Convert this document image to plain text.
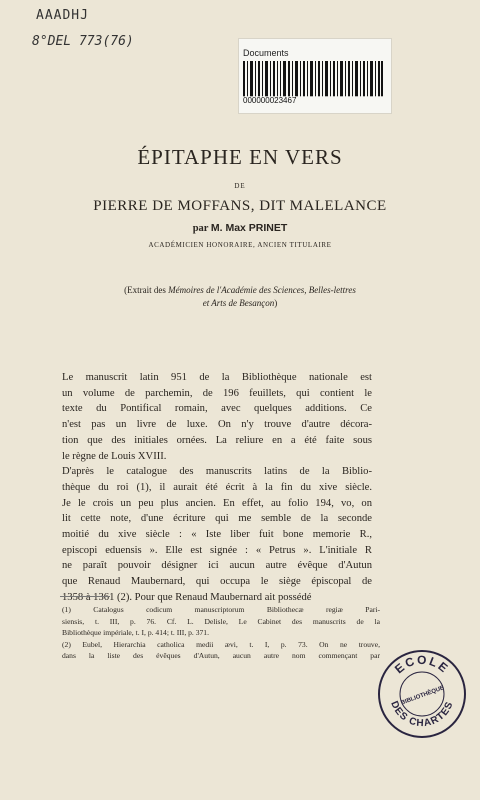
AAADHJ
8°DEL 773(76)
Documents
000000023467
ÉPITAPHE EN VERS
DE
PIERRE DE MOFFANS, DIT MALELANCE
par M. Max PRINET
ACADÉMICIEN HONORAIRE, ANCIEN TITULAIRE
(Extrait des Mémoires de l'Académie des Sciences, Belles-lettres
et Arts de Besançon)
Le manuscrit latin 951 de la Bibliothèque nationale est
un volume de parchemin, de 196 feuillets, qui contient le
texte du Pontifical romain, avec quelques additions. Ce
n'est pas un livre de luxe. On n'y trouve d'autre décora-
tion que des initiales ornées. La reliure en a été faite sous
le règne de Louis XVIII.
D'après le catalogue des manuscrits latins de la Biblio-
thèque du roi (1), il aurait été écrit à la fin du xive siècle.
Je le crois un peu plus ancien. En effet, au folio 194, vo, on
lit cette note, d'une écriture qui me semble de la seconde
moitié du xive siècle : « Iste liber fuit bone memorie R.,
episcopi eduensis ». Elle est signée : « Petrus ». L'initiale R
ne paraît pouvoir désigner ici aucun autre évêque d'Autun
que Renaud Maubernard, qui occupa le siège épiscopal de
1358 à 1361 (2). Pour que Renaud Maubernard ait possédé
(1) Catalogus codicum manuscriptorum Bibliothecæ regiæ Pari-
siensis, t. III, p. 76. Cf. L. Delisle, Le Cabinet des manuscrits de la
Bibliothèque impériale, t. I, p. 414; t. III, p. 371.
(2) Eubel, Hierarchia catholica medii ævi, t. I, p. 73. On ne trouve,
dans la liste des évêques d'Autun, aucun autre nom commençant par
ECOLE
BIBLIOTHÈQUE
DES CHARTES
